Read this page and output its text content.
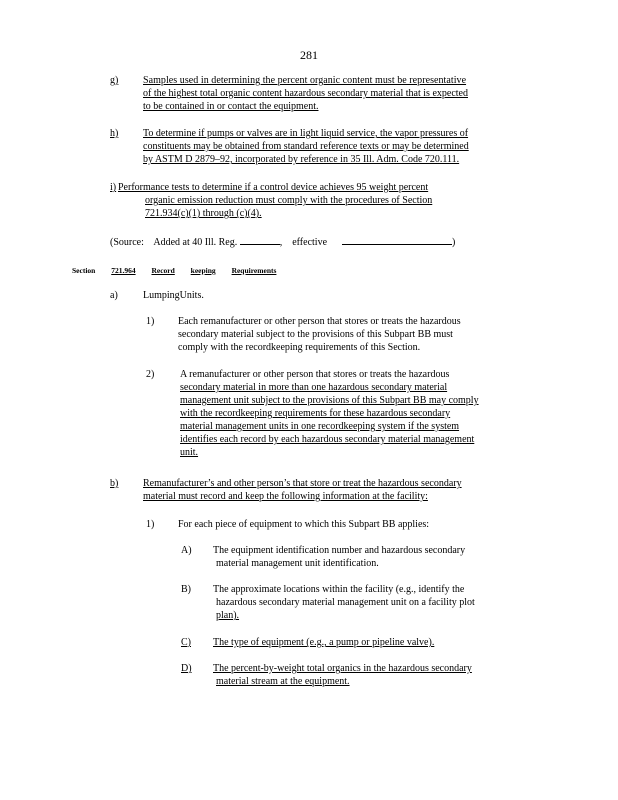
281
g) Samples used in determining the percent organic content must be representative
of the highest total organic content hazardous secondary material that is expected
to be contained in or contact the equipment.
h) To determine if pumps or valves are in light liquid service, the vapor pressures of
constituents may be obtained from standard reference texts or may be determined
by ASTM D 2879–92, incorporated by reference in 35 Ill. Adm. Code 720.111.
i) Performance tests to determine if a control device achieves 95 weight percent
organic emission reduction must comply with the procedures of Section
721.934(c)(1) through (c)(4).
(Source: Added at 40 Ill. Reg.	,    effective	)
Section 721.964 Record keeping Requirements
a)	LumpingUnits.
1) Each remanufacturer or other person that stores or treats the hazardous
secondary material subject to the provisions of this Subpart BB must
comply with the recordkeeping requirements of this Section.
2)	A remanufacturer or other person that stores or treats the hazardous
secondary material in more than one hazardous secondary material
management unit subject to the provisions of this Subpart BB may comply
with the recordkeeping requirements for these hazardous secondary
material management units in one recordkeeping system if the system
identifies each record by each hazardous secondary material management
unit.
b) Remanufacturer’s and other person’s that store or treat the hazardous secondary
material must record and keep the following information at the facility:
1) For each piece of equipment to which this Subpart BB applies:
A) The equipment identification number and hazardous secondary
material management unit identification.
B) The approximate locations within the facility (e.g., identify the
hazardous secondary material management unit on a facility plot
plan).
C) The type of equipment (e.g., a pump or pipeline valve).
D) The percent-by-weight total organics in the hazardous secondary
material stream at the equipment.
